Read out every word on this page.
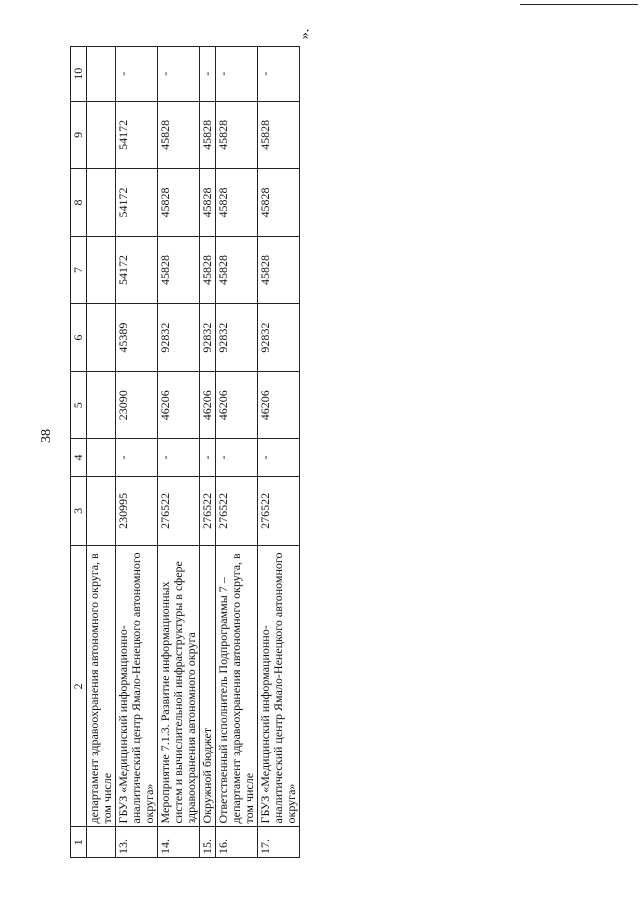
38
».
1	2	3	4	5	6	7	8	9	10
	департамент здравоохранения автономного округа, в том числе								
13.	ГБУЗ «Медицинский информационно-аналитический центр Ямало-Ненецкого автономного округа»	230995	-	23090	45389	54172	54172	54172	-
14.	Мероприятие 7.1.3. Развитие информационных систем и вычислительной инфраструктуры в сфере здравоохранения автономного округа	276522	-	46206	92832	45828	45828	45828	-
15.	Окружной бюджет	276522	-	46206	92832	45828	45828	45828	-
16.	Ответственный исполнитель Подпрограммы 7 – департамент здравоохранения автономного округа, в том числе	276522	-	46206	92832	45828	45828	45828	-
17.	ГБУЗ «Медицинский информационно-аналитический центр Ямало-Ненецкого автономного округа»	276522	-	46206	92832	45828	45828	45828	-
